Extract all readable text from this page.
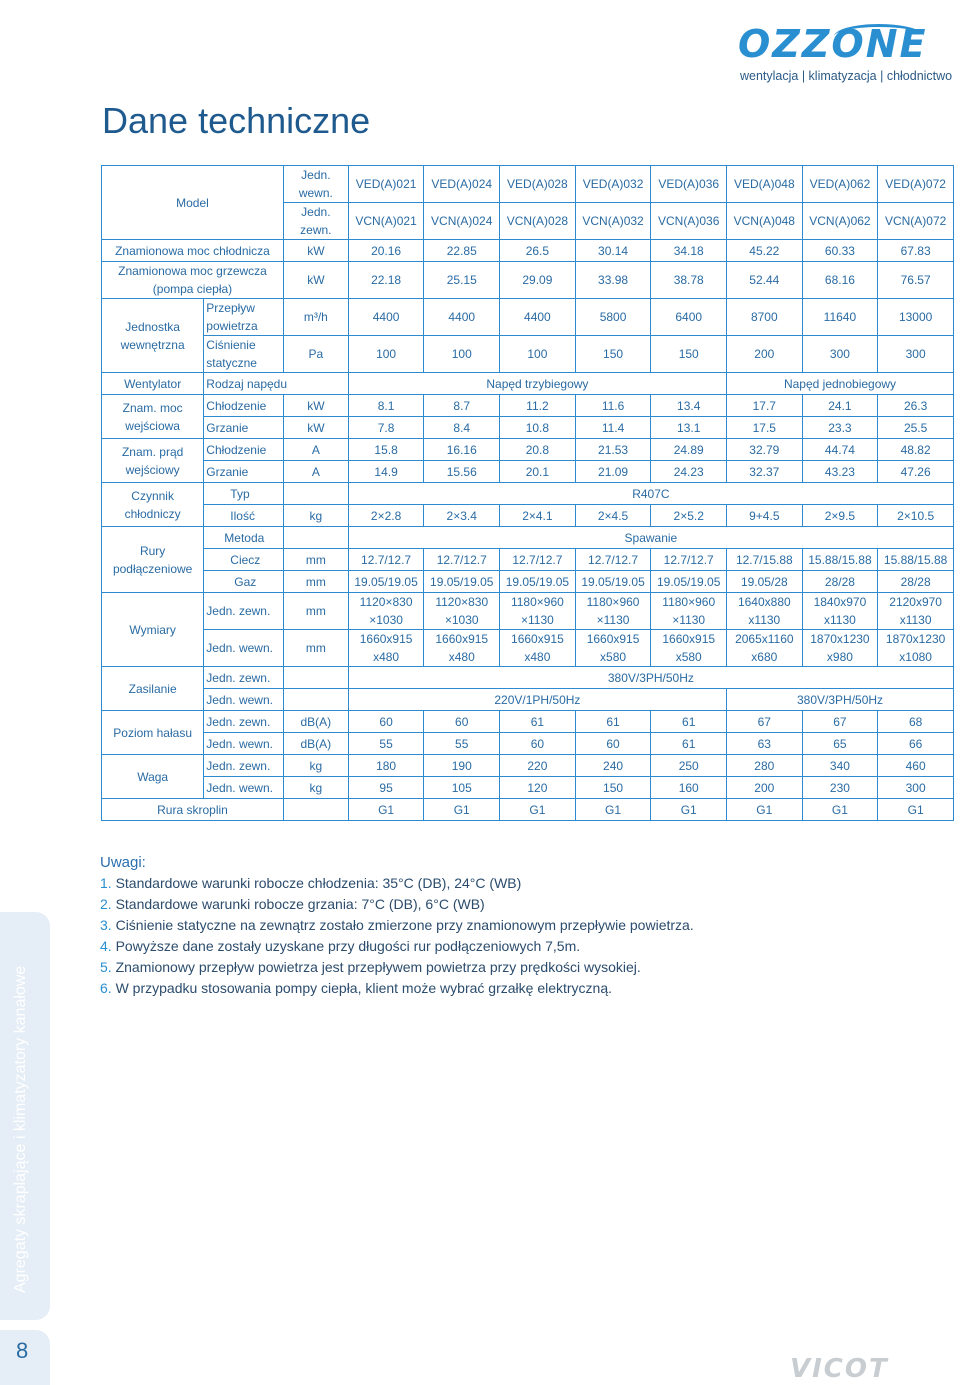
OZZONE
wentylacja | klimatyzacja | chłodnictwo
Dane techniczne

Model		Jedn. wewn.	VED(A)021	VED(A)024	VED(A)028	VED(A)032	VED(A)036	VED(A)048	VED(A)062	VED(A)072
		Jedn. zewn.	VCN(A)021	VCN(A)024	VCN(A)028	VCN(A)032	VCN(A)036	VCN(A)048	VCN(A)062	VCN(A)072
Znamionowa moc chłodnicza		kW	20.16	22.85	26.5	30.14	34.18	45.22	60.33	67.83
Znamionowa moc grzewcza (pompa ciepła)		kW	22.18	25.15	29.09	33.98	38.78	52.44	68.16	76.57
Jednostka wewnętrzna	Przepływ powietrza	m³/h	4400	4400	4400	5800	6400	8700	11640	13000
	Ciśnienie statyczne	Pa	100	100	100	150	150	200	300	300
Wentylator	Rodzaj napędu		Napęd trzybiegowy					Napęd jednobiegowy		
Znam. moc wejściowa	Chłodzenie	kW	8.1	8.7	11.2	11.6	13.4	17.7	24.1	26.3
	Grzanie	kW	7.8	8.4	10.8	11.4	13.1	17.5	23.3	25.5
Znam. prąd wejściowy	Chłodzenie	A	15.8	16.16	20.8	21.53	24.89	32.79	44.74	48.82
	Grzanie	A	14.9	15.56	20.1	21.09	24.23	32.37	43.23	47.26
Czynnik chłodniczy	Typ		R407C							
	Ilość	kg	2×2.8	2×3.4	2×4.1	2×4.5	2×5.2	9+4.5	2×9.5	2×10.5
Rury podłączeniowe	Metoda		Spawanie							
	Ciecz	mm	12.7/12.7	12.7/12.7	12.7/12.7	12.7/12.7	12.7/12.7	12.7/15.88	15.88/15.88	15.88/15.88
	Gaz	mm	19.05/19.05	19.05/19.05	19.05/19.05	19.05/19.05	19.05/19.05	19.05/28	28/28	28/28
Wymiary	Jedn. zewn.	mm	1120×830 ×1030	1120×830 ×1030	1180×960 ×1130	1180×960 ×1130	1180×960 ×1130	1640x880 x1130	1840x970 x1130	2120x970 x1130
	Jedn. wewn.	mm	1660x915 x480	1660x915 x480	1660x915 x480	1660x915 x580	1660x915 x580	2065x1160 x680	1870x1230 x980	1870x1230 x1080
Zasilanie	Jedn. zewn.		380V/3PH/50Hz							
	Jedn. wewn.		220V/1PH/50Hz					380V/3PH/50Hz		
Poziom hałasu	Jedn. zewn.	dB(A)	60	60	61	61	61	67	67	68
	Jedn. wewn.	dB(A)	55	55	60	60	61	63	65	66
Waga	Jedn. zewn.	kg	180	190	220	240	250	280	340	460
	Jedn. wewn.	kg	95	105	120	150	160	200	230	300
Rura skroplin			G1	G1	G1	G1	G1	G1	G1	G1
Uwagi:
1. Standardowe warunki robocze chłodzenia: 35°C (DB), 24°C (WB)
2. Standardowe warunki robocze grzania: 7°C (DB), 6°C (WB)
3. Ciśnienie statyczne na zewnątrz zostało zmierzone przy znamionowym przepływie powietrza.
4. Powyższe dane zostały uzyskane przy długości rur podłączeniowych 7,5m.
5. Znamionowy przepływ powietrza jest przepływem powietrza przy prędkości wysokiej.
6. W przypadku stosowania pompy ciepła, klient może wybrać grzałkę elektryczną.
Agregaty skraplające i klimatyzatory kanałowe
8
VICOT
